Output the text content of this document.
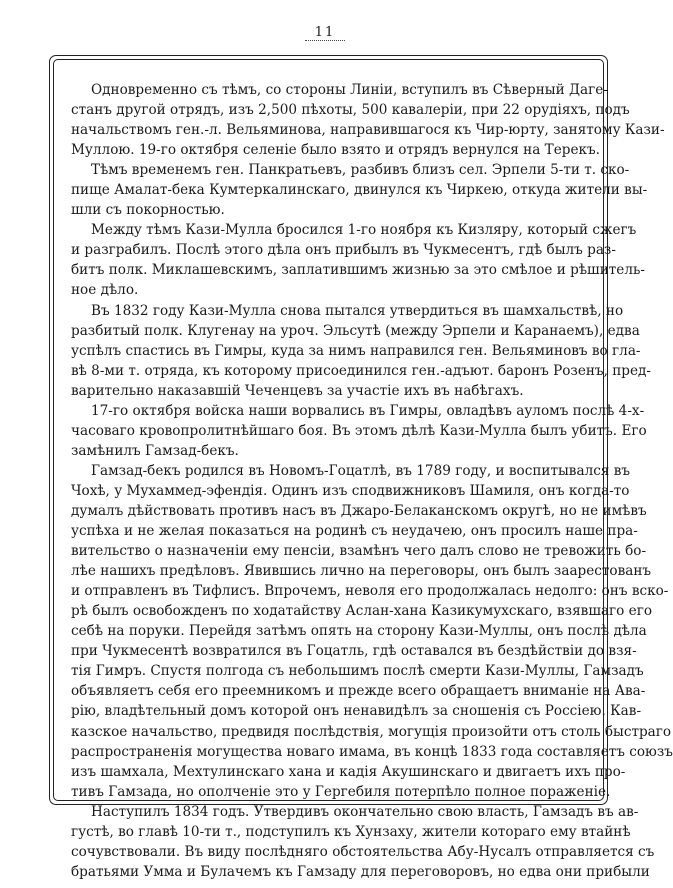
11
Одновременно съ тѣмъ, со стороны Линіи, вступилъ въ Сѣверный Дагe-
станъ другой отрядъ, изъ 2,500 пѣхоты, 500 кавалеріи, при 22 орудіяхъ, подъ
начальствомъ ген.-л. Вельяминова, направившагося къ Чир-юрту, занятому Кази-
Муллою. 19-го октября селеніе было взято и отрядъ вернулся на Терекъ.
Тѣмъ временемъ ген. Панкратьевъ, разбивъ близъ сел. Эрпели 5-ти т. ско-
пище Амалат-бека Кумтеркалинскаго, двинулся къ Чиркею, откуда жители вы-
шли съ покорностью.
Между тѣмъ Кази-Мулла бросился 1-го ноября къ Кизляру, который сжегъ
и разграбилъ. Послѣ этого дѣла онъ прибылъ въ Чукмесентъ, гдѣ былъ раз-
битъ полк. Миклашевскимъ, заплатившимъ жизнью за это смѣлое и рѣшитель-
ное дѣло.
Въ 1832 году Кази-Мулла снова пытался утвердиться въ шамхальствѣ, но
разбитый полк. Клугенау на уроч. Эльсутѣ (между Эрпели и Каранаемъ), едва
успѣлъ спастись въ Гимры, куда за нимъ направился ген. Вельяминовъ во гла-
вѣ 8-ми т. отряда, къ которому присоединился ген.-адъют. баронъ Розенъ, пред-
варительно наказавшій Чеченцевъ за участіе ихъ въ набѣгахъ.
17-го октября войска наши ворвались въ Гимры, овладѣвъ ауломъ послѣ 4-х-
часоваго кровопролитнѣйшаго боя. Въ этомъ дѣлѣ Кази-Мулла былъ убитъ. Его
замѣнилъ Гамзад-бекъ.
Гамзад-бекъ родился въ Новомъ-Гоцатлѣ, въ 1789 году, и воспитывался въ
Чохѣ, у Мухаммед-эфендія. Одинъ изъ сподвижниковъ Шамиля, онъ когда-то
думалъ дѣйствовать противъ насъ въ Джаро-Белаканскомъ округѣ, но не имѣвъ
успѣха и не желая показаться на родинѣ съ неудачею, онъ просилъ наше пра-
вительство о назначеніи ему пенсіи, взамѣнъ чего далъ слово не тревожить бо-
лѣе нашихъ предѣловъ. Явившись лично на переговоры, онъ былъ заарестованъ
и отправленъ въ Тифлисъ. Впрочемъ, неволя его продолжалась недолго: онъ вско-
рѣ былъ освобожденъ по ходатайству Аслан-хана Казикумухскаго, взявшаго его
себѣ на поруки. Перейдя затѣмъ опять на сторону Кази-Муллы, онъ послѣ дѣла
при Чукмесентѣ возвратился въ Гоцатль, гдѣ оставался въ бездѣйствіи до взя-
тія Гимръ. Спустя полгода съ небольшимъ послѣ смерти Кази-Муллы, Гамзадъ
объявляетъ себя его преемникомъ и прежде всего обращаетъ вниманіе на Ава-
рію, владѣтельный домъ которой онъ ненавидѣлъ за сношенія съ Россіею. Кав-
казское начальство, предвидя послѣдствія, могущія произойти отъ столь быстраго
распространенія могущества новаго имама, въ концѣ 1833 года составляетъ союзъ
изъ шамхала, Мехтулинскаго хана и кадія Акушинскаго и двигаетъ ихъ про-
тивъ Гамзада, но ополченіе это у Гергебиля потерпѣло полное пораженіе.
Наступилъ 1834 годъ. Утвердивъ окончательно свою власть, Гамзадъ въ ав-
густѣ, во главѣ 10-ти т., подступилъ къ Хунзаху, жители котораго ему втайнѣ
сочувствовали. Въ виду послѣдняго обстоятельства Абу-Нусалъ отправляется съ
братьями Умма и Булачемъ къ Гамзаду для переговоровъ, но едва они прибыли
